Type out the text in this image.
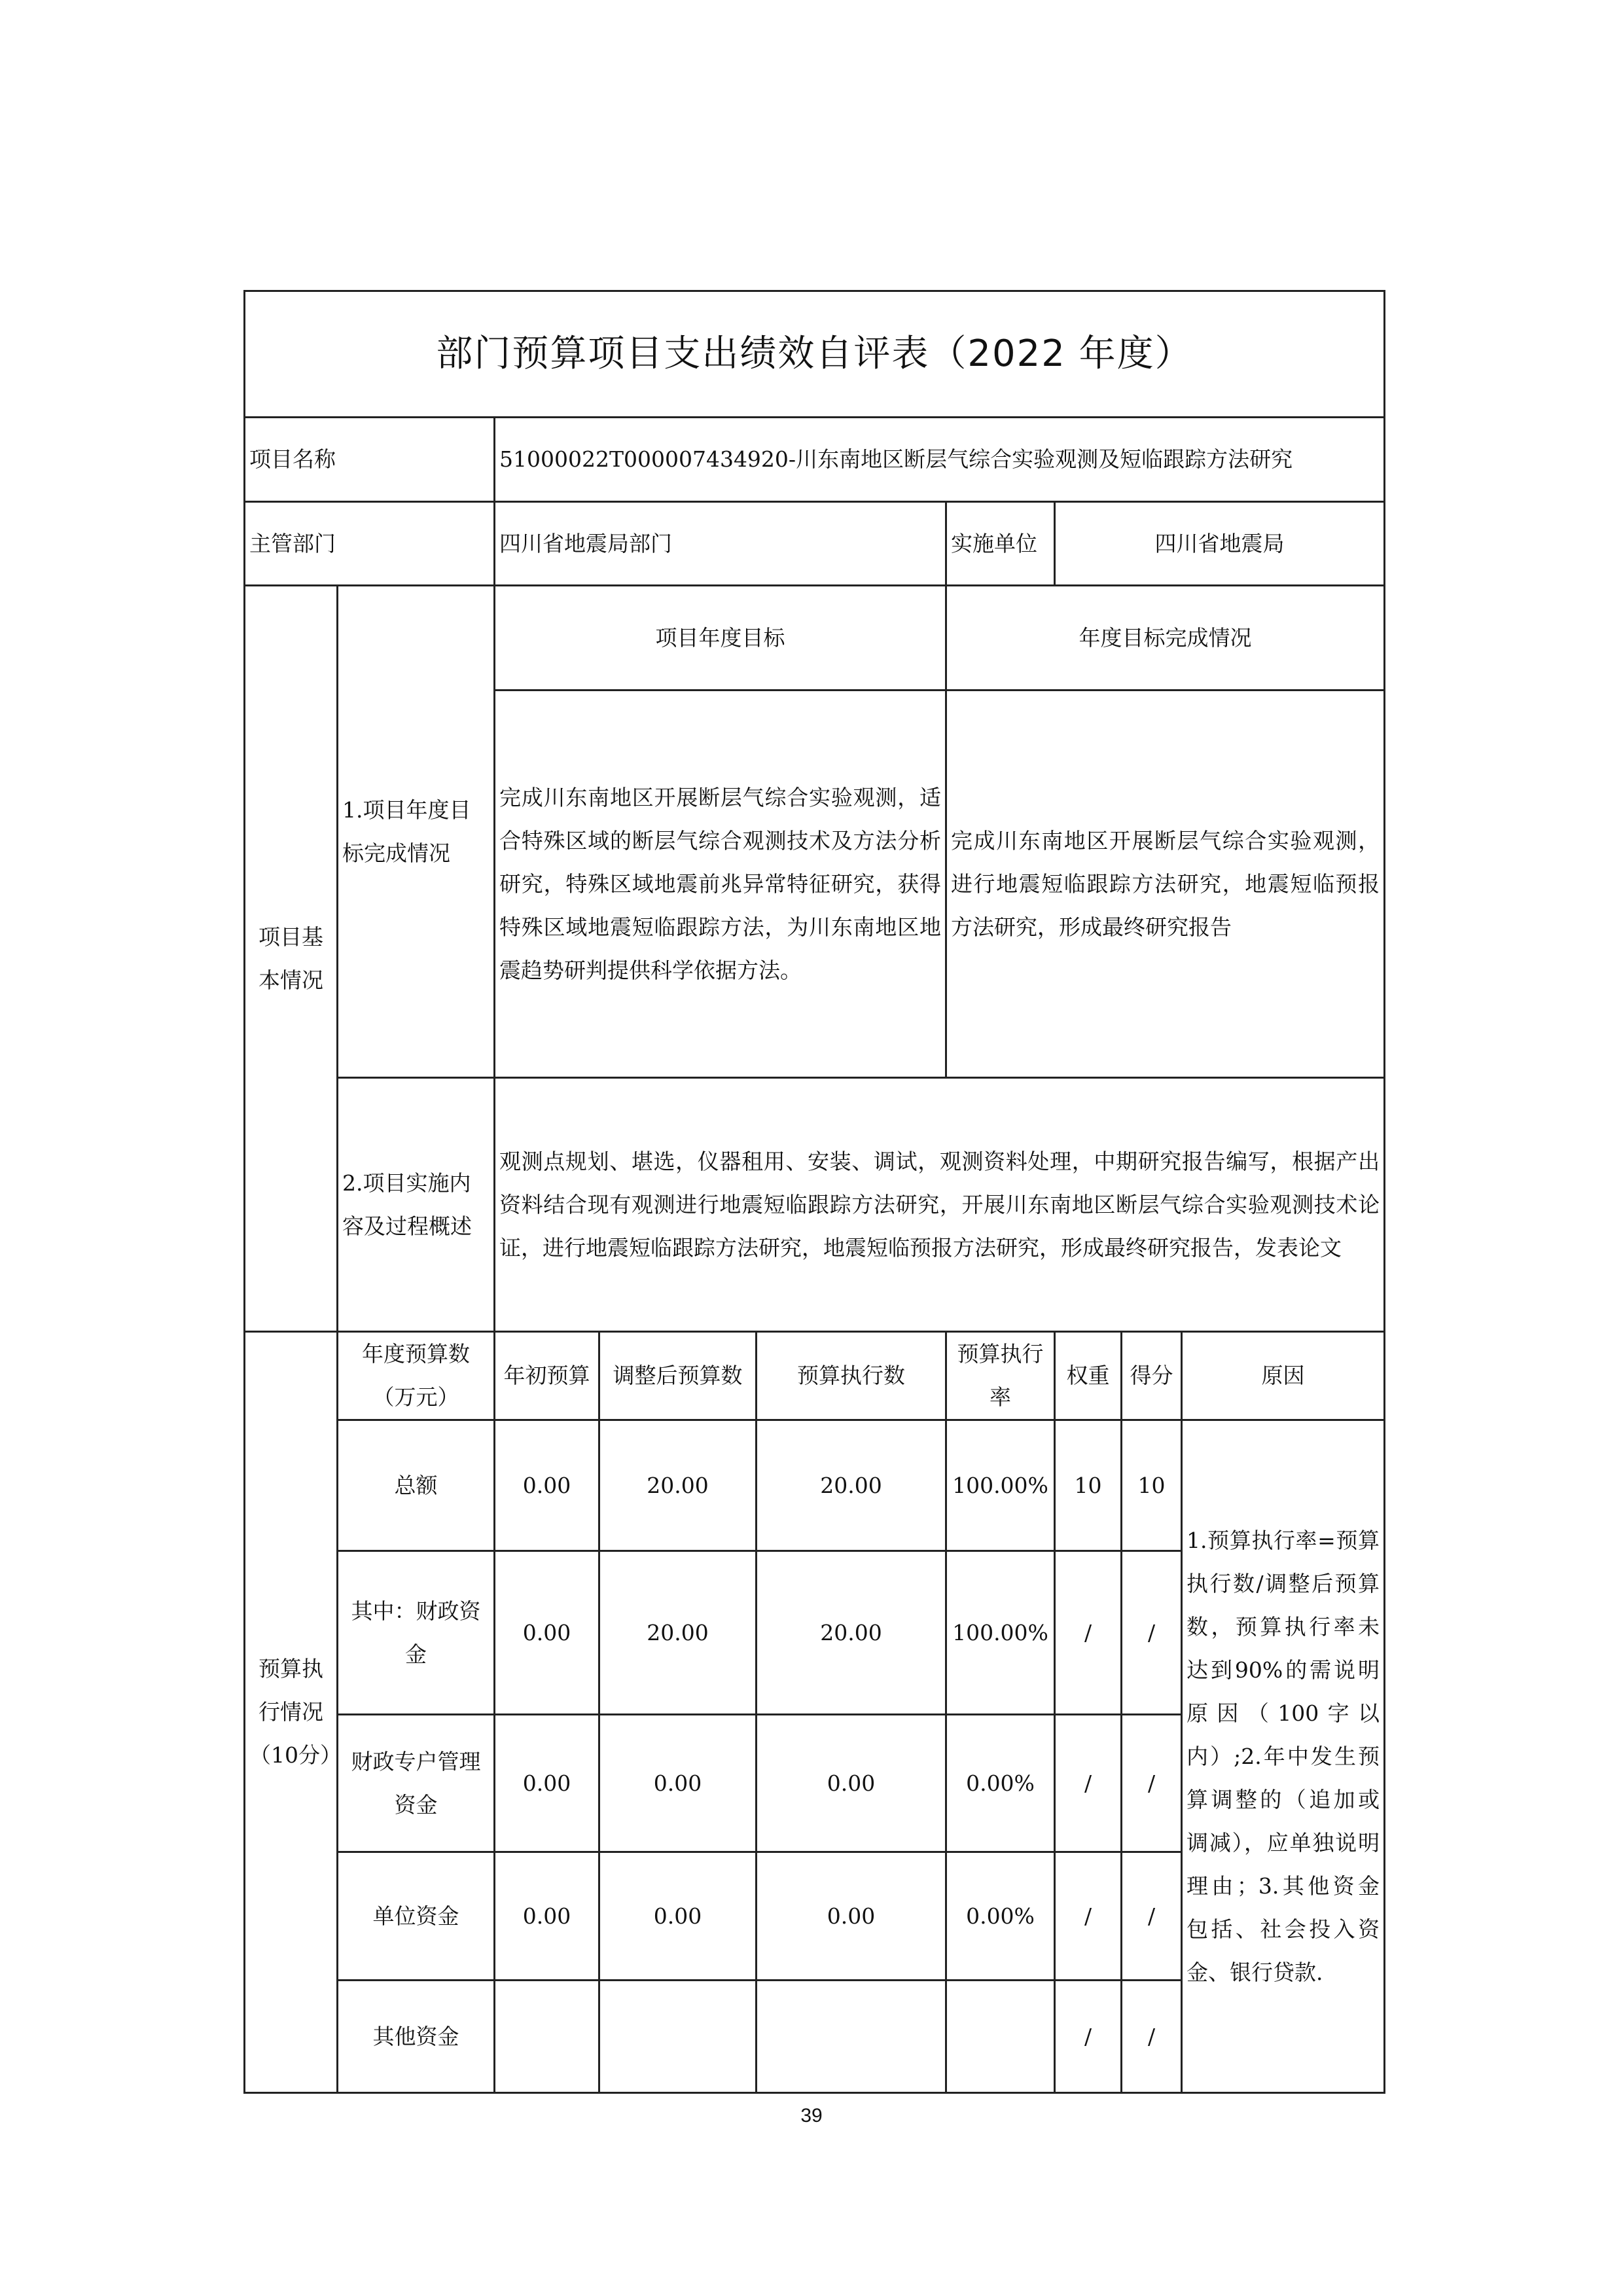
部门预算项目支出绩效自评表（2022 年度）								
项目名称		51000022T000007434920-川东南地区断层气综合实验观测及短临跟踪方法研究						
主管部门		四川省地震局部门			实施单位	四川省地震局		
项目基本情况	1.项目年度目标完成情况	项目年度目标			年度目标完成情况			
		完成川东南地区开展断层气综合实验观测，适合特殊区域的断层气综合观测技术及方法分析研究，特殊区域地震前兆异常特征研究，获得特殊区域地震短临跟踪方法，为川东南地区地震趋势研判提供科学依据方法。			完成川东南地区开展断层气综合实验观测，进行地震短临跟踪方法研究，地震短临预报方法研究，形成最终研究报告			
	2.项目实施内容及过程概述	观测点规划、堪选，仪器租用、安装、调试，观测资料处理，中期研究报告编写，根据产出资料结合现有观测进行地震短临跟踪方法研究，开展川东南地区断层气综合实验观测技术论证，进行地震短临跟踪方法研究，地震短临预报方法研究，形成最终研究报告，发表论文						
预算执行情况（10分）	年度预算数（万元）	年初预算	调整后预算数	预算执行数	预算执行率	权重	得分	原因
	总额	0.00	20.00	20.00	100.00%	10	10	1.预算执行率=预算执行数/调整后预算数，预算执行率未达到90%的需说明原因（100字以内）;2.年中发生预算调整的（追加或调减），应单独说明理由；3.其他资金包括、社会投入资金、银行贷款.
	其中：财政资金	0.00	20.00	20.00	100.00%	/	/	
	财政专户管理资金	0.00	0.00	0.00	0.00%	/	/	
	单位资金	0.00	0.00	0.00	0.00%	/	/	
	其他资金					/	/	
39
